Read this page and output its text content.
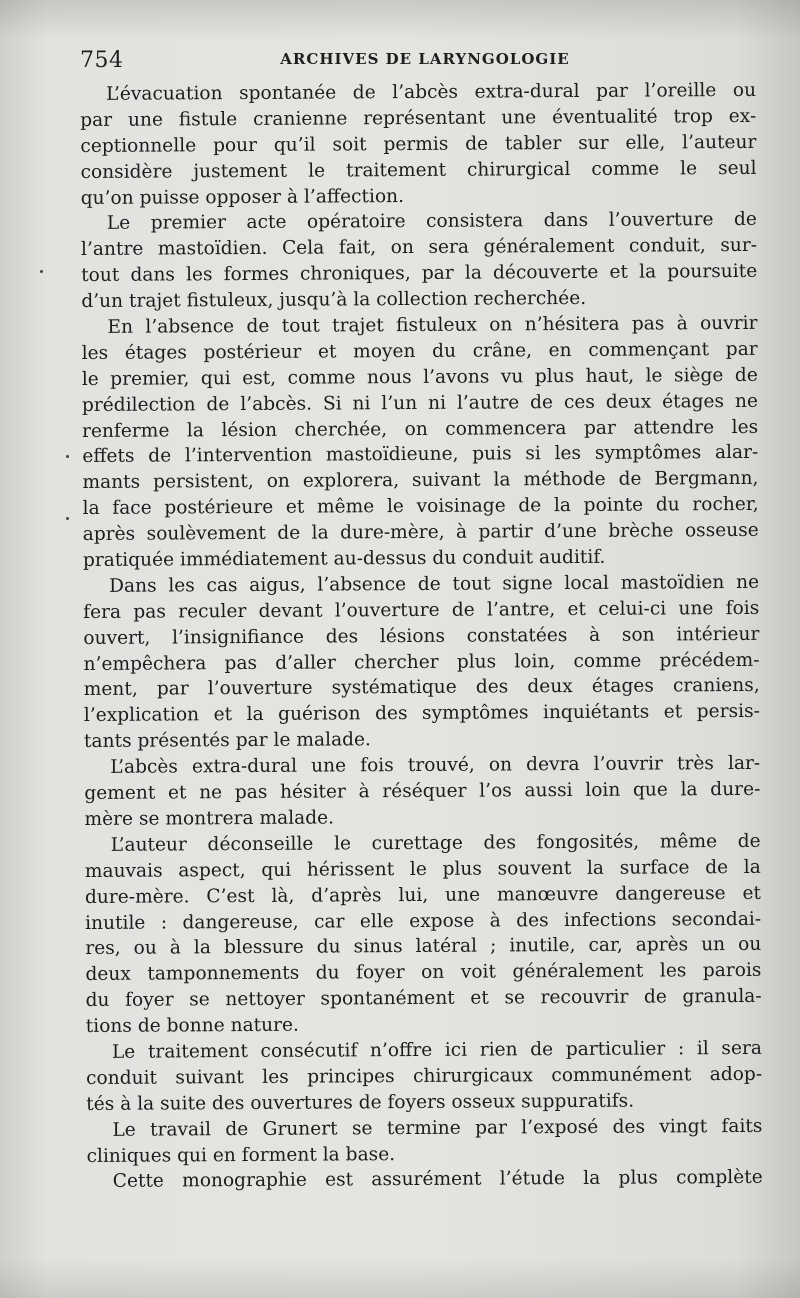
754	ARCHIVES DE LARYNGOLOGIE
L’évacuation spontanée de l’abcès extra-dural par l’oreille ou
par une fistule cranienne représentant une éventualité trop ex-
ceptionnelle pour qu’il soit permis de tabler sur elle, l’auteur
considère justement le traitement chirurgical comme le seul
qu’on puisse opposer à l’affection.
Le premier acte opératoire consistera dans l’ouverture de
l’antre mastoïdien. Cela fait, on sera généralement conduit, sur-
tout dans les formes chroniques, par la découverte et la poursuite
d’un trajet fistuleux, jusqu’à la collection recherchée.
En l’absence de tout trajet fistuleux on n’hésitera pas à ouvrir
les étages postérieur et moyen du crâne, en commençant par
le premier, qui est, comme nous l’avons vu plus haut, le siège de
prédilection de l’abcès. Si ni l’un ni l’autre de ces deux étages ne
renferme la lésion cherchée, on commencera par attendre les
effets de l’intervention mastoïdieune, puis si les symptômes alar-
mants persistent, on explorera, suivant la méthode de Bergmann,
la face postérieure et même le voisinage de la pointe du rocher,
après soulèvement de la dure-mère, à partir d’une brèche osseuse
pratiquée immédiatement au-dessus du conduit auditif.
Dans les cas aigus, l’absence de tout signe local mastoïdien ne
fera pas reculer devant l’ouverture de l’antre, et celui-ci une fois
ouvert, l’insignifiance des lésions constatées à son intérieur
n’empêchera pas d’aller chercher plus loin, comme précédem-
ment, par l’ouverture systématique des deux étages craniens,
l’explication et la guérison des symptômes inquiétants et persis-
tants présentés par le malade.
L’abcès extra-dural une fois trouvé, on devra l’ouvrir très lar-
gement et ne pas hésiter à réséquer l’os aussi loin que la dure-
mère se montrera malade.
L’auteur déconseille le curettage des fongosités, même de
mauvais aspect, qui hérissent le plus souvent la surface de la
dure-mère. C’est là, d’après lui, une manœuvre dangereuse et
inutile : dangereuse, car elle expose à des infections secondai-
res, ou à la blessure du sinus latéral ; inutile, car, après un ou
deux tamponnements du foyer on voit généralement les parois
du foyer se nettoyer spontanément et se recouvrir de granula-
tions de bonne nature.
Le traitement consécutif n’offre ici rien de particulier : il sera
conduit suivant les principes chirurgicaux communément adop-
tés à la suite des ouvertures de foyers osseux suppuratifs.
Le travail de Grunert se termine par l’exposé des vingt faits
cliniques qui en forment la base.
Cette monographie est assurément l’étude la plus complète
